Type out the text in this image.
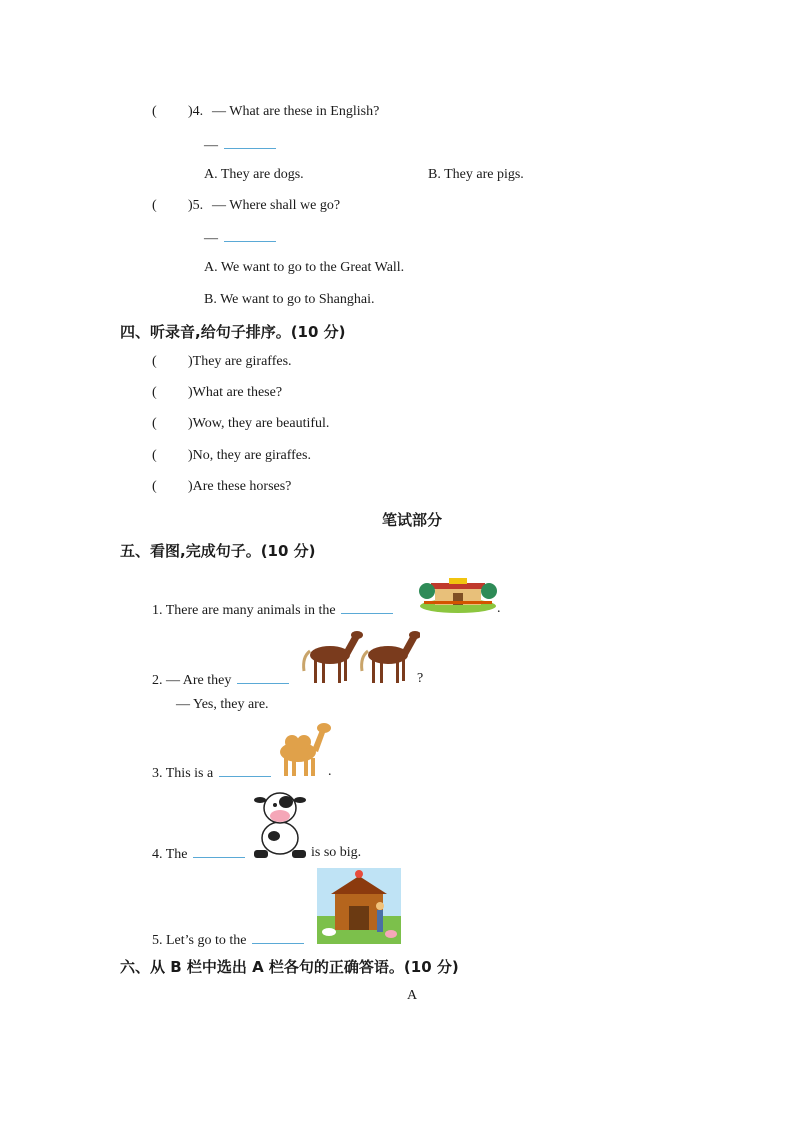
( )4. — What are these in English?
—
A. They are dogs.	B. They are pigs.
( )5. — Where shall we go?
—
A. We want to go to the Great Wall.
B. We want to go to Shanghai.
四、听录音,给句子排序。(10 分)
( )They are giraffes.
( )What are these?
( )Wow, they are beautiful.
( )No, they are giraffes.
( )Are these horses?
笔试部分
五、看图,完成句子。(10 分)
1. There are many animals in the	.
2. — Are they	?
— Yes, they are.
3. This is a	.
4. The	is so big.
5. Let’s go to the
六、从 B 栏中选出 A 栏各句的正确答语。(10 分)
A
